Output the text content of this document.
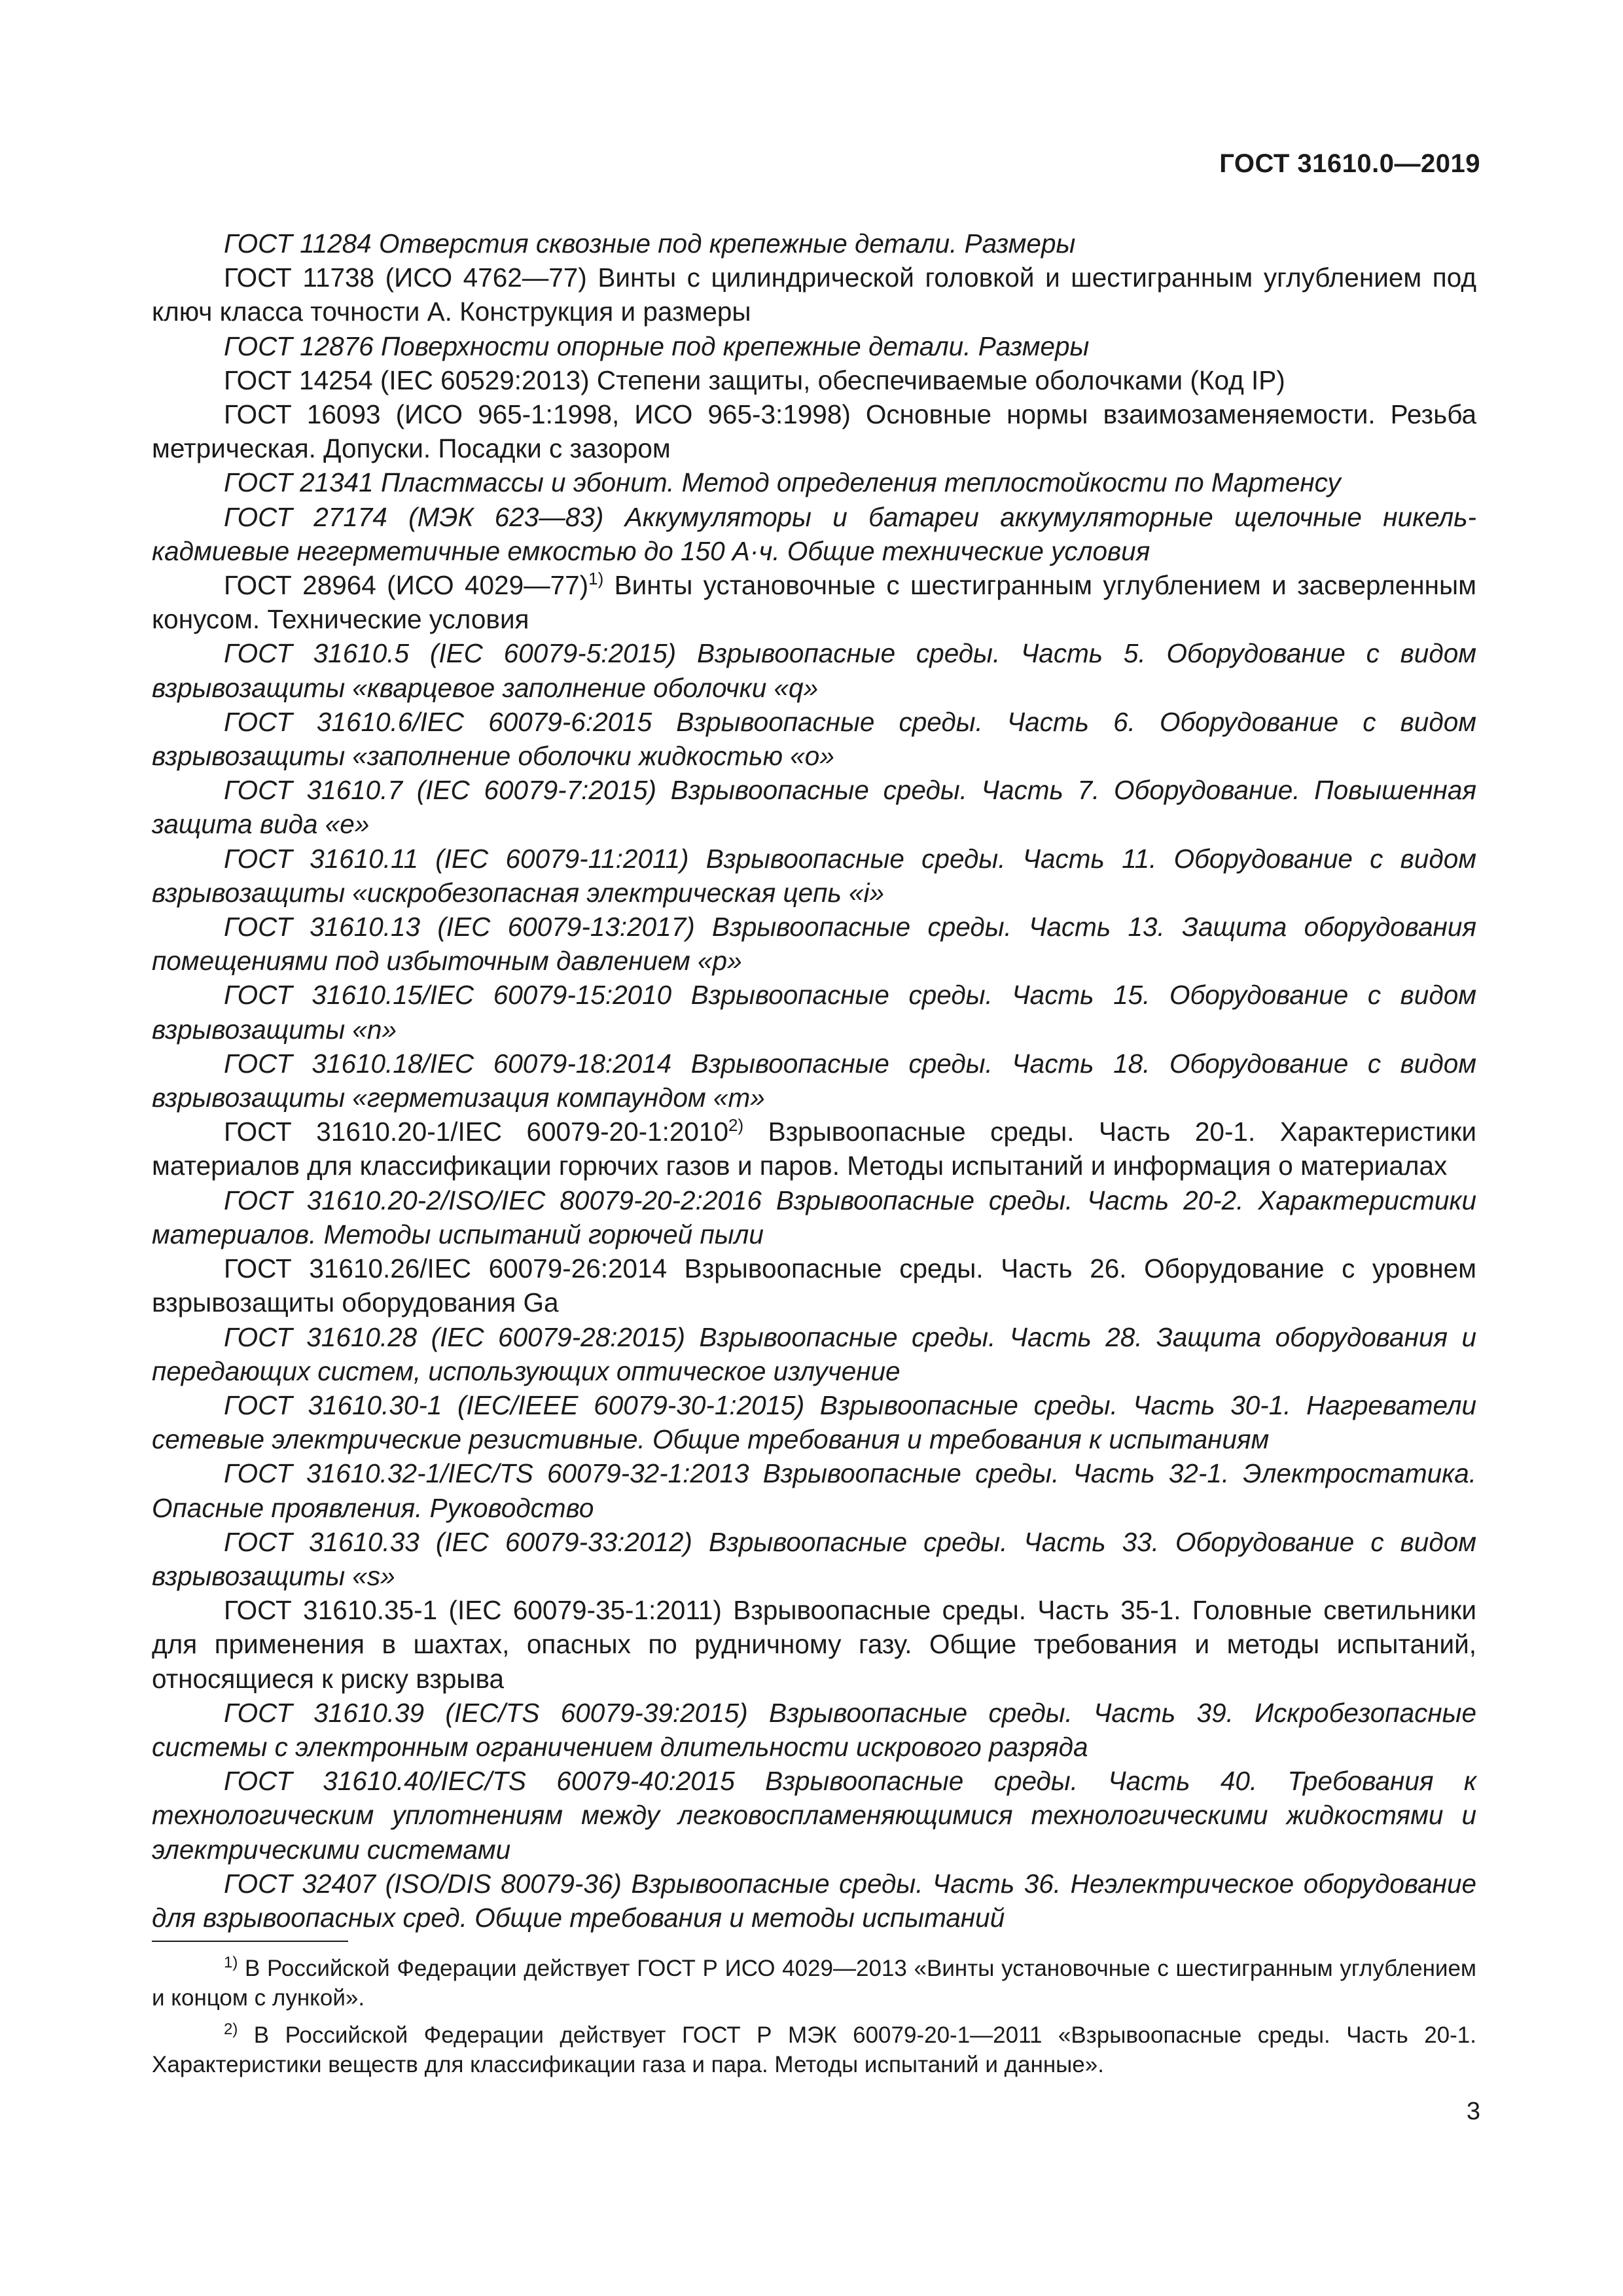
ГОСТ 31610.0—2019

ГОСТ 11284 Отверстия сквозные под крепежные детали. Размеры

ГОСТ 11738 (ИСО 4762—77) Винты с цилиндрической головкой и шестигранным углублением под ключ класса точности А. Конструкция и размеры

ГОСТ 12876 Поверхности опорные под крепежные детали. Размеры

ГОСТ 14254 (IEC 60529:2013) Степени защиты, обеспечиваемые оболочками (Код IP)

ГОСТ 16093 (ИСО 965-1:1998, ИСО 965-3:1998) Основные нормы взаимозаменяемости. Резьба метрическая. Допуски. Посадки с зазором

ГОСТ 21341 Пластмассы и эбонит. Метод определения теплостойкости по Мартенсу

ГОСТ 27174 (МЭК 623—83) Аккумуляторы и батареи аккумуляторные щелочные никель-кадмиевые негерметичные емкостью до 150 А·ч. Общие технические условия

ГОСТ 28964 (ИСО 4029—77)$^{1)}$ Винты установочные с шестигранным углублением и засверленным конусом. Технические условия

ГОСТ 31610.5 (IEC 60079-5:2015) Взрывоопасные среды. Часть 5. Оборудование с видом взрывозащиты «кварцевое заполнение оболочки «q»

ГОСТ 31610.6/IEC 60079-6:2015 Взрывоопасные среды. Часть 6. Оборудование с видом взрывозащиты «заполнение оболочки жидкостью «о»

ГОСТ 31610.7 (IEC 60079-7:2015) Взрывоопасные среды. Часть 7. Оборудование. Повышенная защита вида «е»

ГОСТ 31610.11 (IEC 60079-11:2011) Взрывоопасные среды. Часть 11. Оборудование с видом взрывозащиты «искробезопасная электрическая цепь «i»

ГОСТ 31610.13 (IEC 60079-13:2017) Взрывоопасные среды. Часть 13. Защита оборудования помещениями под избыточным давлением «р»

ГОСТ 31610.15/IEC 60079-15:2010 Взрывоопасные среды. Часть 15. Оборудование с видом взрывозащиты «n»

ГОСТ 31610.18/IEC 60079-18:2014 Взрывоопасные среды. Часть 18. Оборудование с видом взрывозащиты «герметизация компаундом «m»

ГОСТ 31610.20-1/IEC 60079-20-1:2010$^{2)}$ Взрывоопасные среды. Часть 20-1. Характеристики материалов для классификации горючих газов и паров. Методы испытаний и информация о материалах

ГОСТ 31610.20-2/ISO/IEC 80079-20-2:2016 Взрывоопасные среды. Часть 20-2. Характеристики материалов. Методы испытаний горючей пыли

ГОСТ 31610.26/IEC 60079-26:2014 Взрывоопасные среды. Часть 26. Оборудование с уровнем взрывозащиты оборудования Ga

ГОСТ 31610.28 (IEC 60079-28:2015) Взрывоопасные среды. Часть 28. Защита оборудования и передающих систем, использующих оптическое излучение

ГОСТ 31610.30-1 (IEC/IEEE 60079-30-1:2015) Взрывоопасные среды. Часть 30-1. Нагреватели сетевые электрические резистивные. Общие требования и требования к испытаниям

ГОСТ 31610.32-1/IEC/TS 60079-32-1:2013 Взрывоопасные среды. Часть 32-1. Электростатика. Опасные проявления. Руководство

ГОСТ 31610.33 (IEC 60079-33:2012) Взрывоопасные среды. Часть 33. Оборудование с видом взрывозащиты «s»

ГОСТ 31610.35-1 (IEC 60079-35-1:2011) Взрывоопасные среды. Часть 35-1. Головные светильники для применения в шахтах, опасных по рудничному газу. Общие требования и методы испытаний, относящиеся к риску взрыва

ГОСТ 31610.39 (IEC/TS 60079-39:2015) Взрывоопасные среды. Часть 39. Искробезопасные системы с электронным ограничением длительности искрового разряда

ГОСТ 31610.40/IEC/TS 60079-40:2015 Взрывоопасные среды. Часть 40. Требования к технологическим уплотнениям между легковоспламеняющимися технологическими жидкостями и электрическими системами

ГОСТ 32407 (ISO/DIS 80079-36) Взрывоопасные среды. Часть 36. Неэлектрическое оборудование для взрывоопасных сред. Общие требования и методы испытаний

$^{1)}$ В Российской Федерации действует ГОСТ Р ИСО 4029—2013 «Винты установочные с шестигранным углублением и концом с лункой».

$^{2)}$ В Российской Федерации действует ГОСТ Р МЭК 60079-20-1—2011 «Взрывоопасные среды. Часть 20-1. Характеристики веществ для классификации газа и пара. Методы испытаний и данные».

3
